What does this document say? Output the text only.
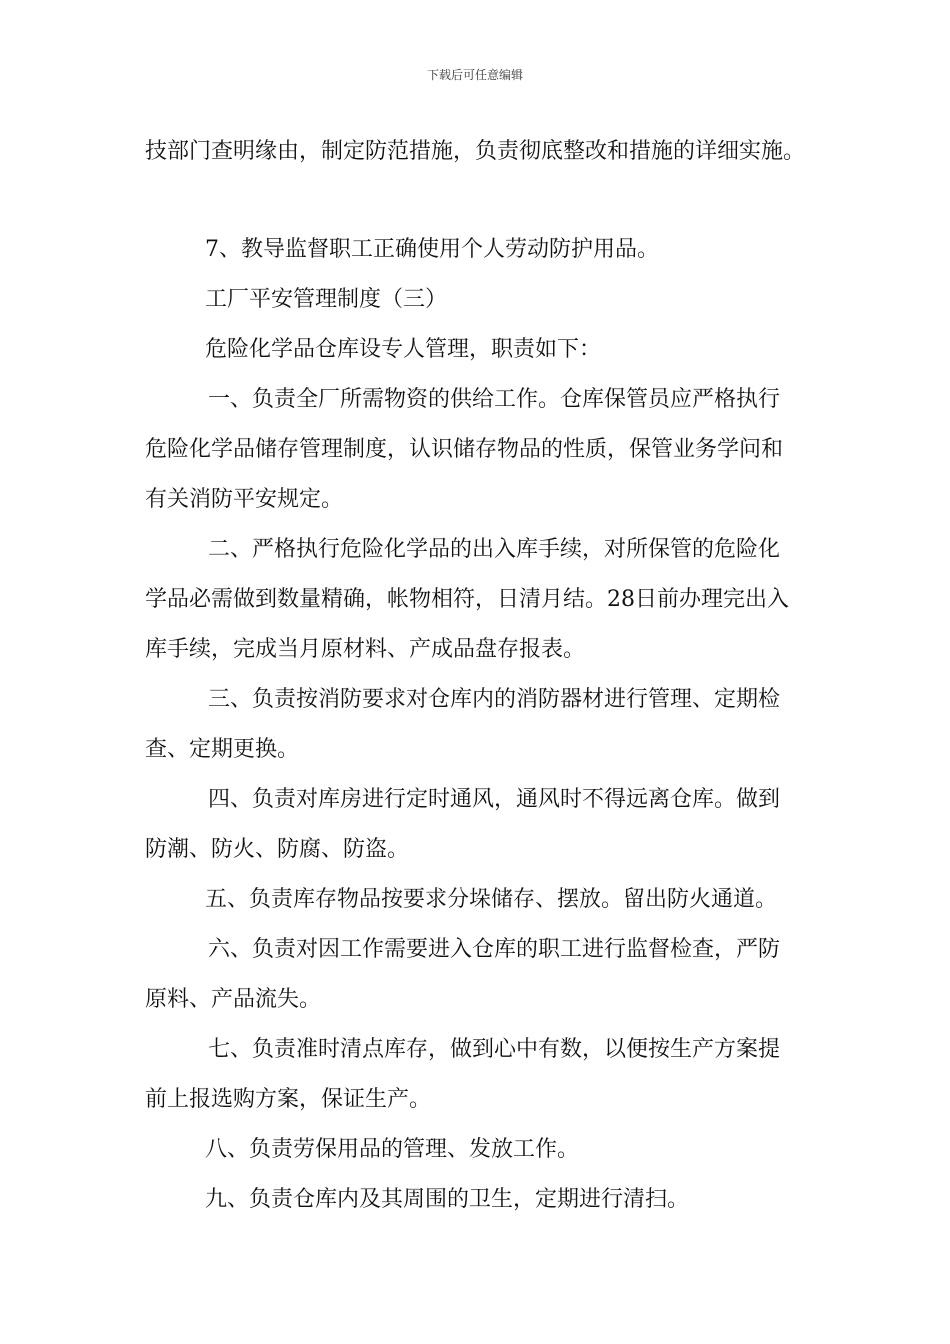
下载后可任意编辑
技部门查明缘由，制定防范措施，负责彻底整改和措施的详细实施。
7、教导监督职工正确使用个人劳动防护用品。
工厂平安管理制度（三）
危险化学品仓库设专人管理，职责如下：
一、负责全厂所需物资的供给工作。仓库保管员应严格执行
危险化学品储存管理制度，认识储存物品的性质，保管业务学问和
有关消防平安规定。
二、严格执行危险化学品的出入库手续，对所保管的危险化
学品必需做到数量精确，帐物相符，日清月结。28日前办理完出入
库手续，完成当月原材料、产成品盘存报表。
三、负责按消防要求对仓库内的消防器材进行管理、定期检
查、定期更换。
四、负责对库房进行定时通风，通风时不得远离仓库。做到
防潮、防火、防腐、防盗。
五、负责库存物品按要求分垛储存、摆放。留出防火通道。
六、负责对因工作需要进入仓库的职工进行监督检查，严防
原料、产品流失。
七、负责准时清点库存，做到心中有数，以便按生产方案提
前上报选购方案，保证生产。
八、负责劳保用品的管理、发放工作。
九、负责仓库内及其周围的卫生，定期进行清扫。
